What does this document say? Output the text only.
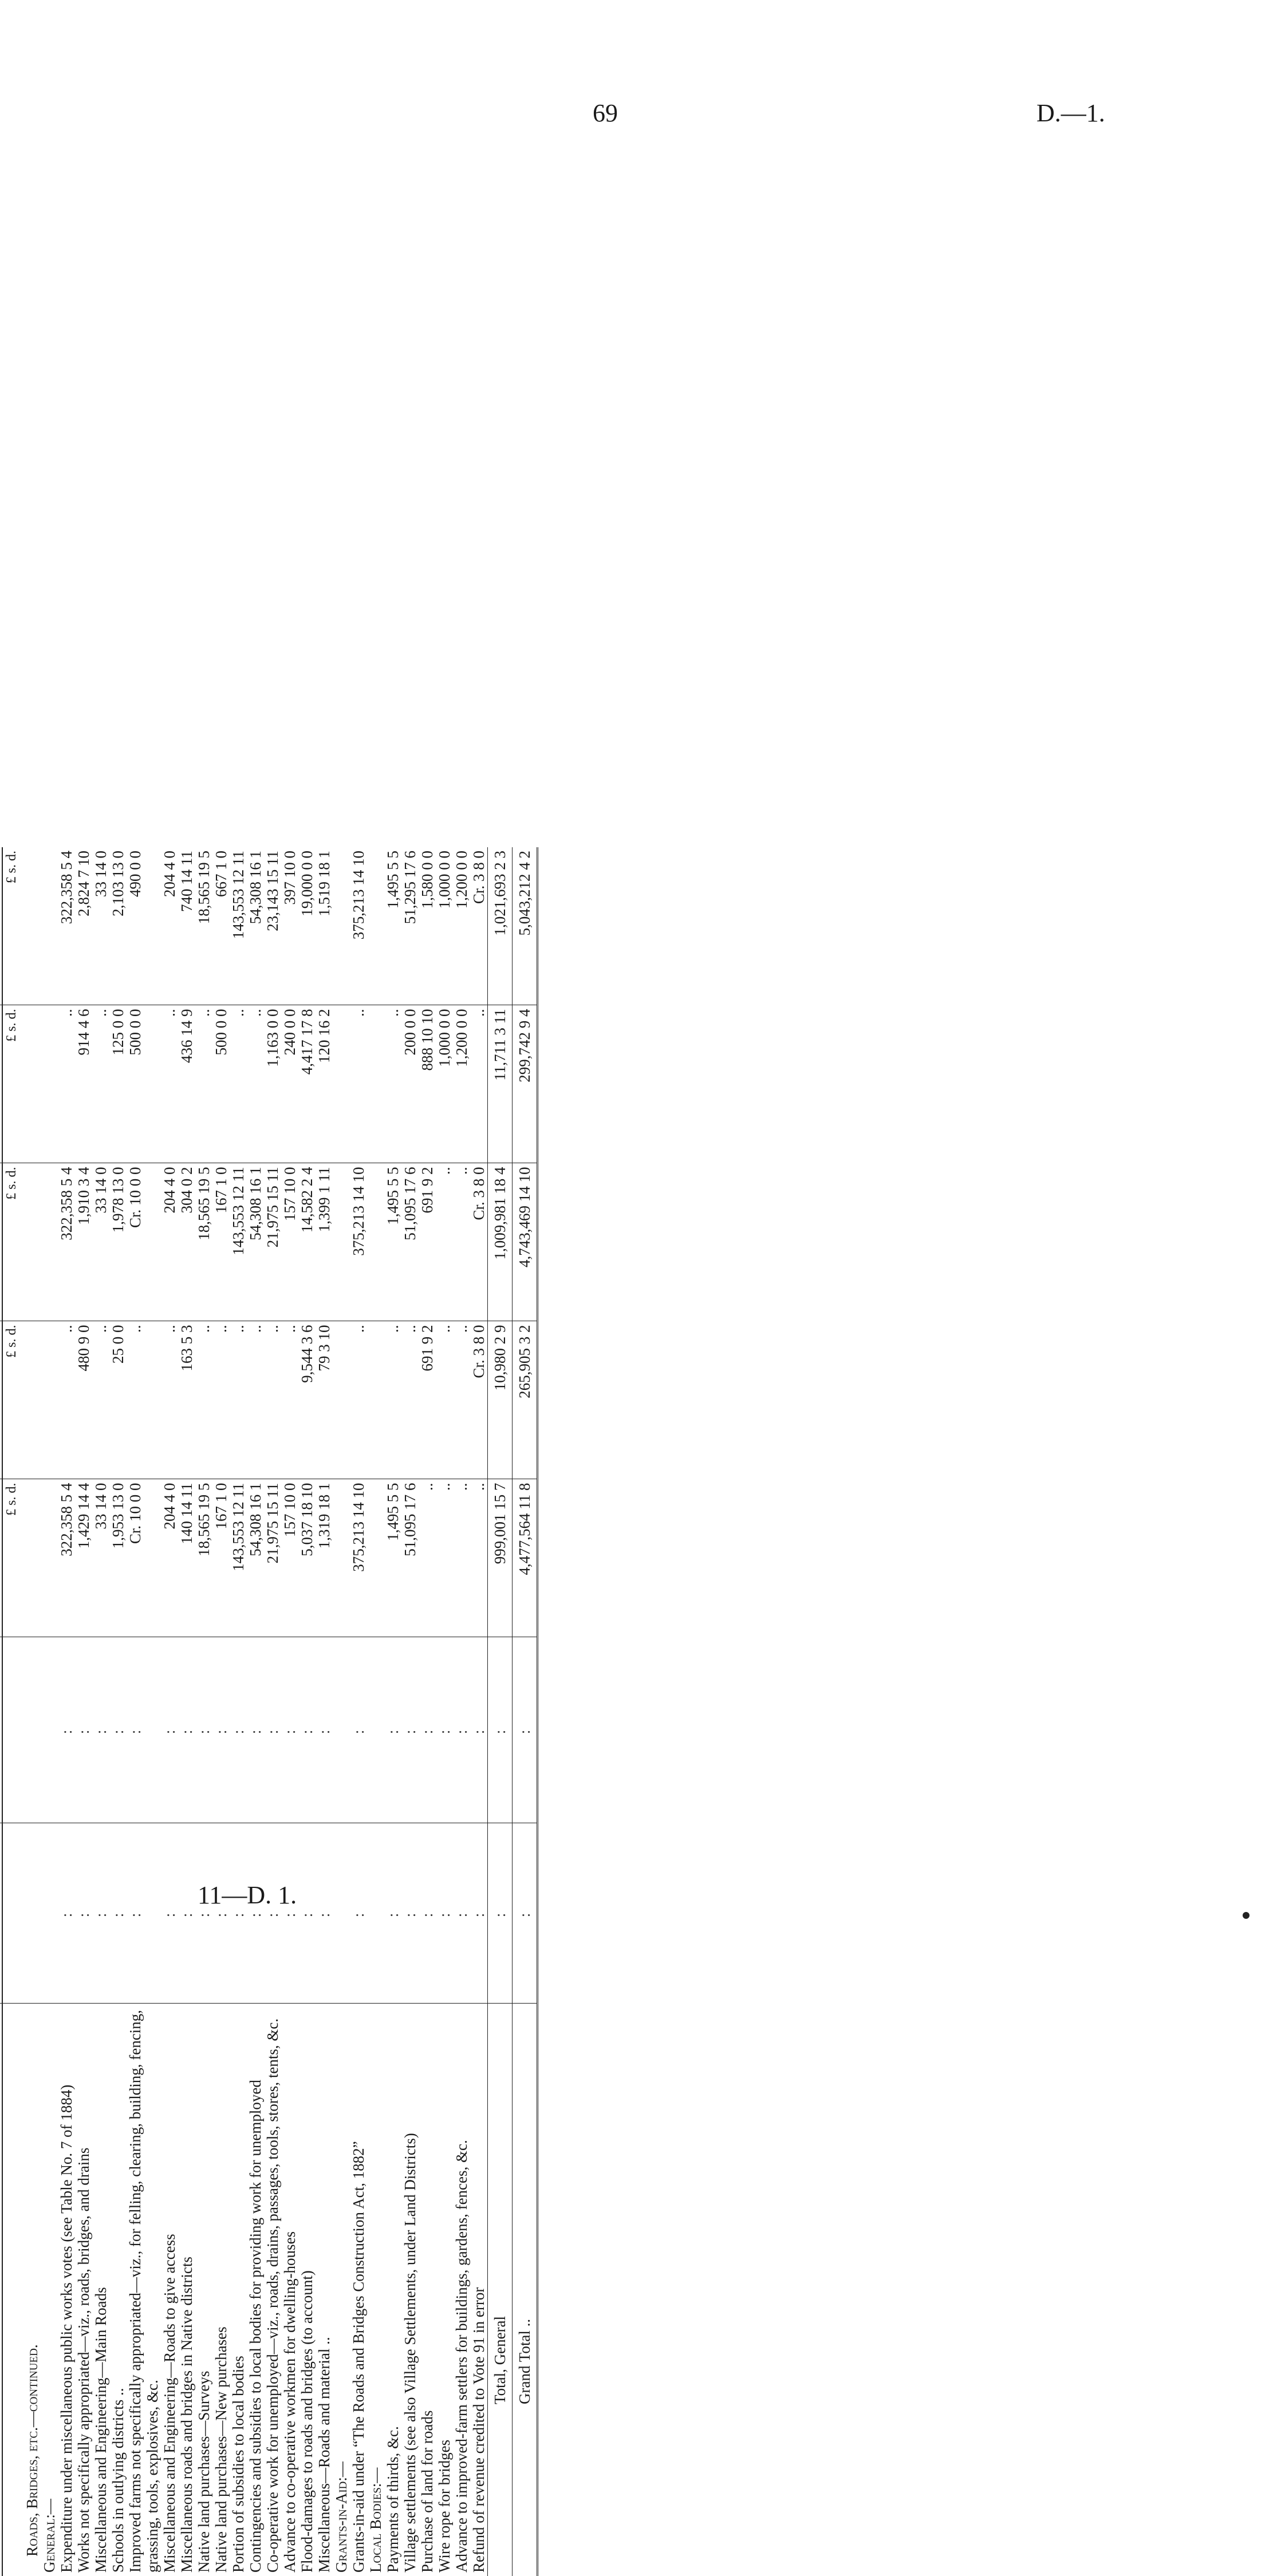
69	D.—1.
11—D. 1.

			£ s. d.	£ s. d.	£ s. d.	£ s. d.	£ s. d.
Roads, Bridges, etc.—continued.							
General:—							
Expenditure under miscellaneous public works votes (see Table No. 7 of 1884)	:	:	322,358 5 4	..	322,358 5 4	..	322,358 5 4
Works not specifically appropriated—viz., roads, bridges, and drains	:	:	1,429 14 4	480 9 0	1,910 3 4	914 4 6	2,824 7 10
Miscellaneous and Engineering—Main Roads	:	:	33 14 0	..	33 14 0	..	33 14 0
Schools in outlying districts ..	:	:	1,953 13 0	25 0 0	1,978 13 0	125 0 0	2,103 13 0
Improved farms not specifically appropriated—viz., for felling, clearing, building, fencing, grassing, tools, explosives, &c.	:	:	Cr. 10 0 0	..	Cr. 10 0 0	500 0 0	490 0 0
Miscellaneous and Engineering—Roads to give access	:	:	204 4 0	..	204 4 0	..	204 4 0
Miscellaneous roads and bridges in Native districts	:	:	140 14 11	163 5 3	304 0 2	436 14 9	740 14 11
Native land purchases—Surveys	:	:	18,565 19 5	..	18,565 19 5	..	18,565 19 5
Native land purchases—New purchases	:	:	167 1 0	..	167 1 0	500 0 0	667 1 0
Portion of subsidies to local bodies	:	:	143,553 12 11	..	143,553 12 11	..	143,553 12 11
Contingencies and subsidies to local bodies for providing work for unemployed	:	:	54,308 16 1	..	54,308 16 1	..	54,308 16 1
Co-operative work for unemployed—viz., roads, drains, passages, tools, stores, tents, &c.	:	:	21,975 15 11	..	21,975 15 11	1,163 0 0	23,143 15 11
Advance to co-operative workmen for dwelling-houses	:	:	157 10 0	..	157 10 0	240 0 0	397 10 0
Flood-damages to roads and bridges (to account)	:	:	5,037 18 10	9,544 3 6	14,582 2 4	4,417 17 8	19,000 0 0
Miscellaneous—Roads and material ..	:	:	1,319 18 1	79 3 10	1,399 1 11	120 16 2	1,519 18 1
Grants-in-Aid:—							
Grants-in-aid under “The Roads and Bridges Construction Act, 1882”	:	:	375,213 14 10	..	375,213 14 10	..	375,213 14 10
Local Bodies:—							
Payments of thirds, &c.	:	:	1,495 5 5	..	1,495 5 5	..	1,495 5 5
Village settlements (see also Village Settlements, under Land Districts)	:	:	51,095 17 6	..	51,095 17 6	200 0 0	51,295 17 6
Purchase of land for roads	:	:	..	691 9 2	691 9 2	888 10 10	1,580 0 0
Wire rope for bridges	:	:	..	..	..	1,000 0 0	1,000 0 0
Advance to improved-farm settlers for buildings, gardens, fences, &c.	:	:	..	..	..	1,200 0 0	1,200 0 0
Refund of revenue credited to Vote 91 in error	:	:	..	Cr. 3 8 0	Cr. 3 8 0	..	Cr. 3 8 0
Total, General	:	:	999,001 15 7	10,980 2 9	1,009,981 18 4	11,711 3 11	1,021,693 2 3
Grand Total ..	:	:	4,477,564 11 8	265,905 3 2	4,743,469 14 10	299,742 9 4	5,043,212 4 2
